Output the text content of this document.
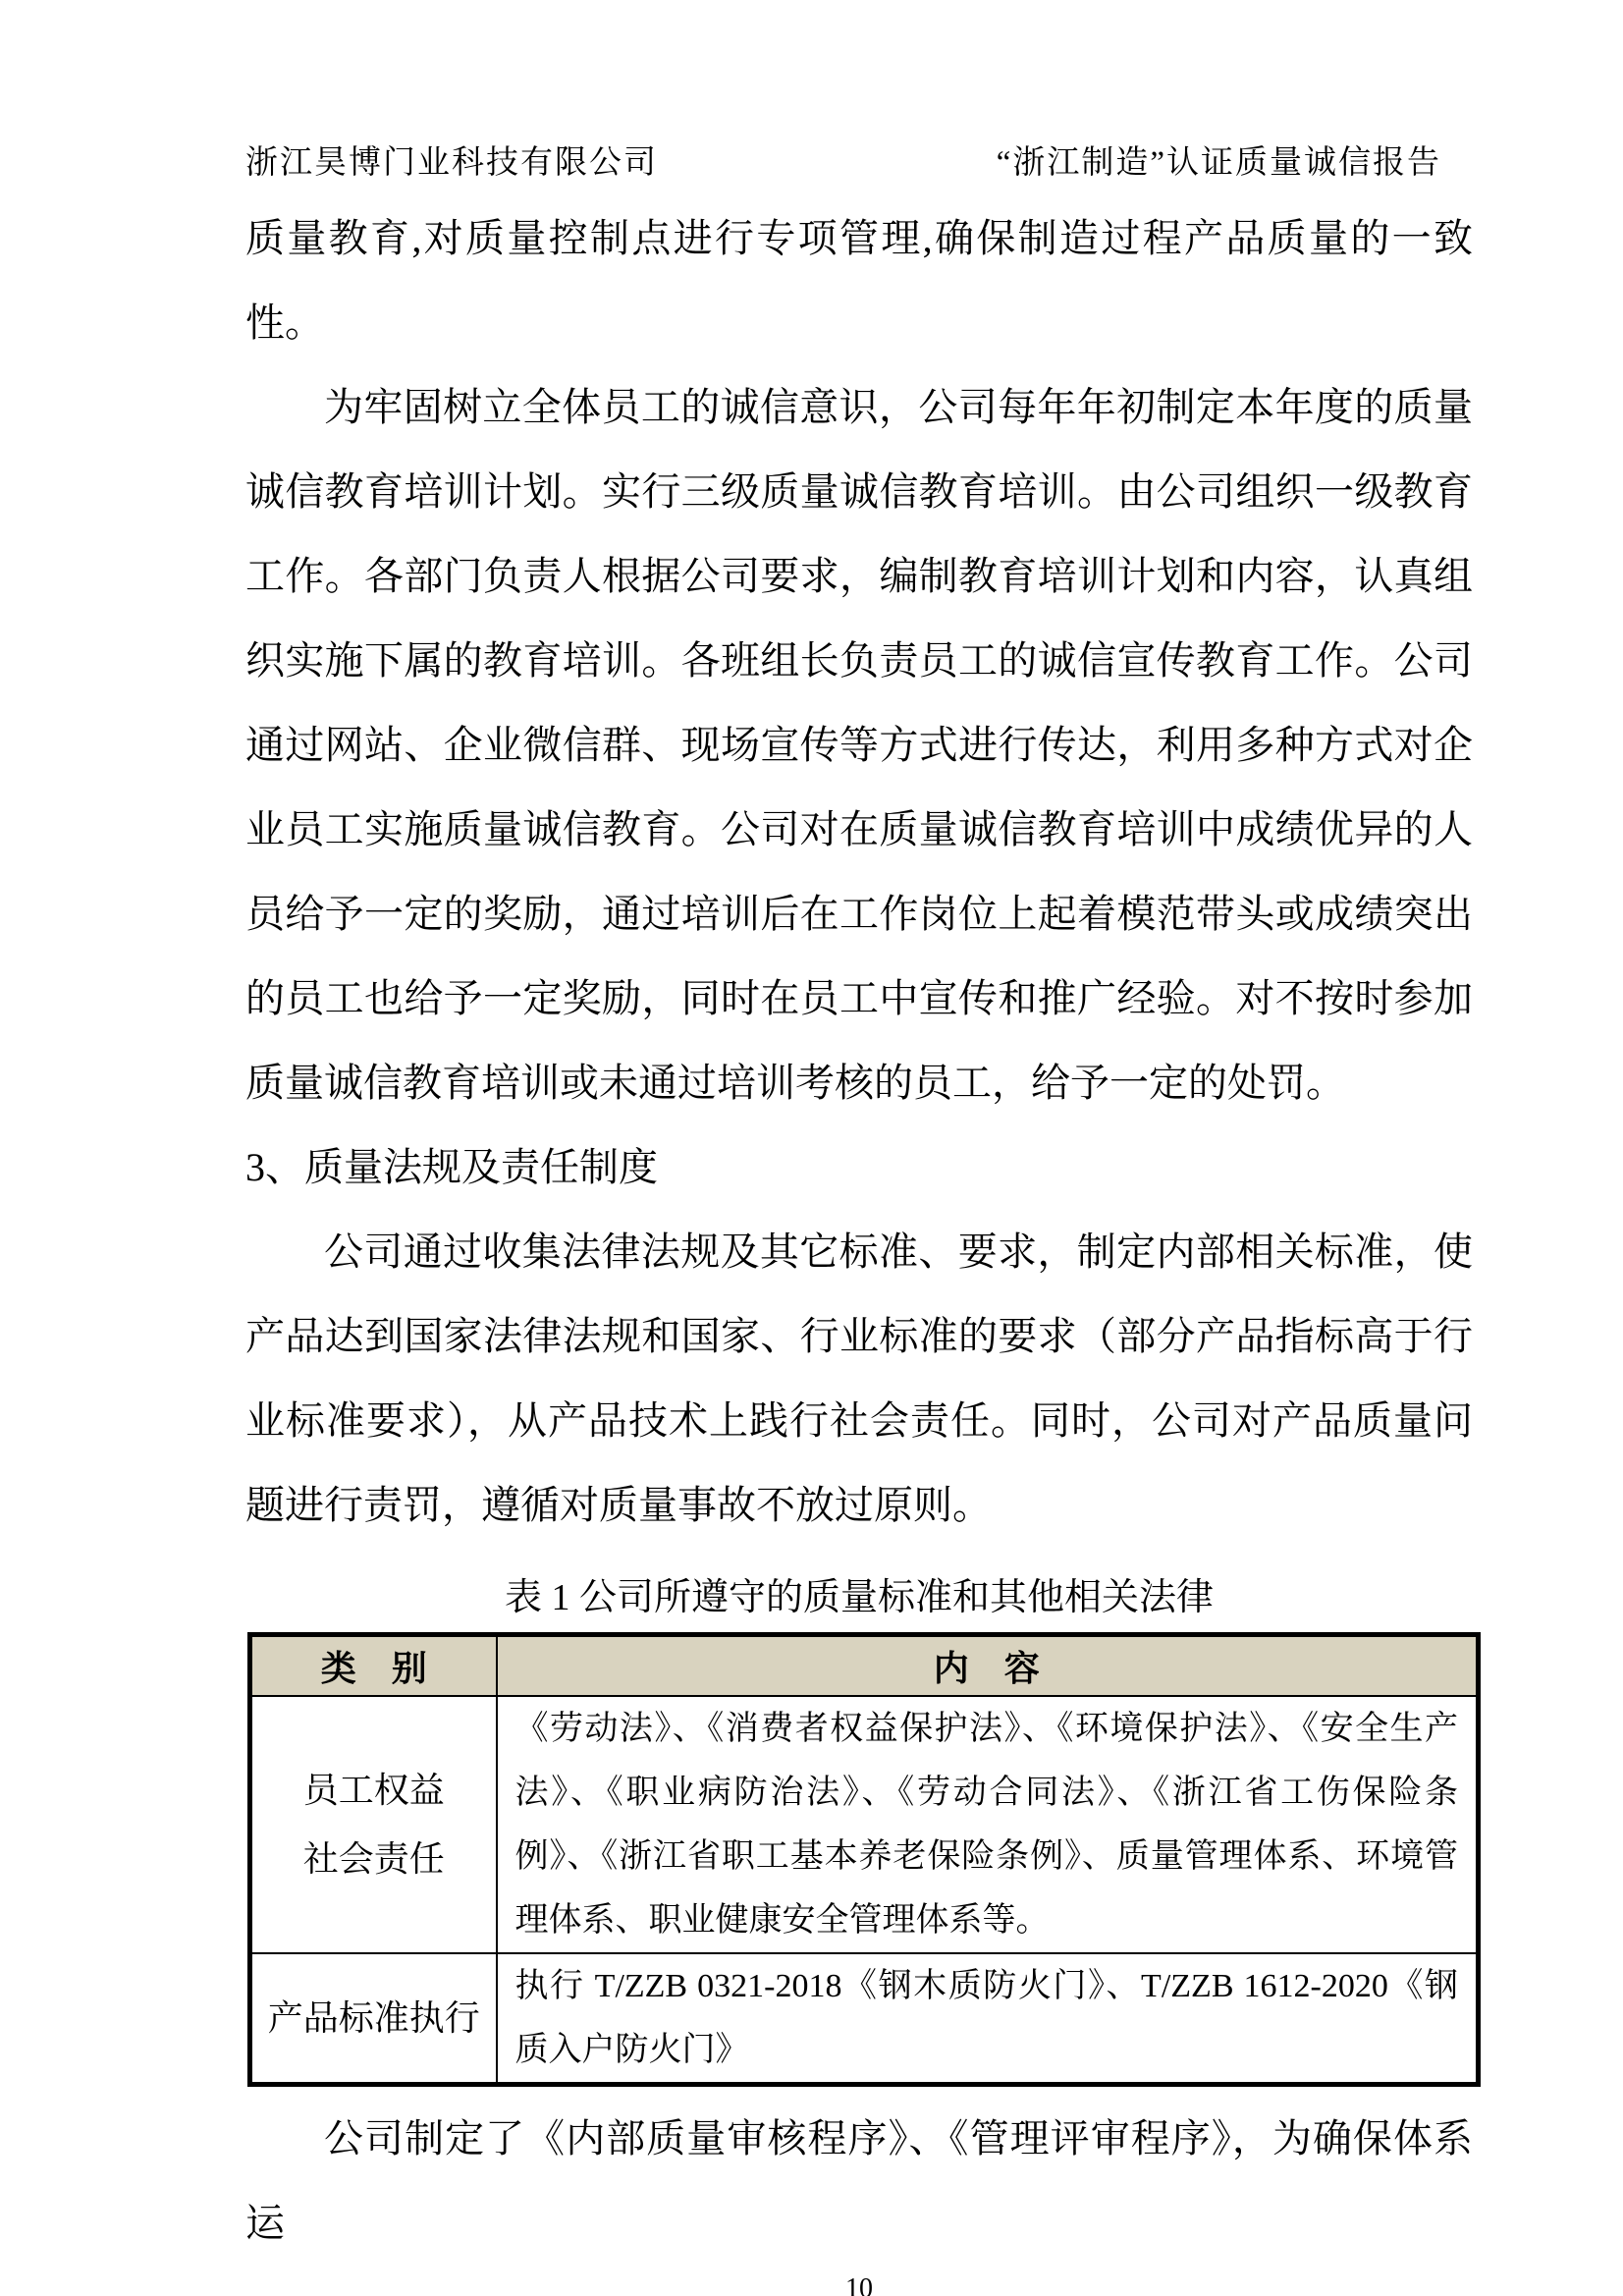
浙江昊博门业科技有限公司	“浙江制造”认证质量诚信报告

质量教育,对质量控制点进行专项管理,确保制造过程产品质量的一致性。

为牢固树立全体员工的诚信意识，公司每年年初制定本年度的质量诚信教育培训计划。实行三级质量诚信教育培训。由公司组织一级教育工作。各部门负责人根据公司要求，编制教育培训计划和内容，认真组织实施下属的教育培训。各班组长负责员工的诚信宣传教育工作。公司通过网站、企业微信群、现场宣传等方式进行传达，利用多种方式对企业员工实施质量诚信教育。公司对在质量诚信教育培训中成绩优异的人员给予一定的奖励，通过培训后在工作岗位上起着模范带头或成绩突出的员工也给予一定奖励，同时在员工中宣传和推广经验。对不按时参加质量诚信教育培训或未通过培训考核的员工，给予一定的处罚。

3、质量法规及责任制度

公司通过收集法律法规及其它标准、要求，制定内部相关标准，使产品达到国家法律法规和国家、行业标准的要求（部分产品指标高于行业标准要求），从产品技术上践行社会责任。同时，公司对产品质量问题进行责罚，遵循对质量事故不放过原则。

表 1 公司所遵守的质量标准和其他相关法律
类　别	内　容

员工权益
社会责任	《劳动法》、《消费者权益保护法》、《环境保护法》、《安全生产法》、《职业病防治法》、《劳动合同法》、《浙江省工伤保险条例》、《浙江省职工基本养老保险条例》、质量管理体系、环境管理体系、职业健康安全管理体系等。

产品标准执行	执行 T/ZZB 0321-2018《钢木质防火门》、T/ZZB 1612-2020《钢质入户防火门》

公司制定了《内部质量审核程序》、《管理评审程序》，为确保体系运

10
